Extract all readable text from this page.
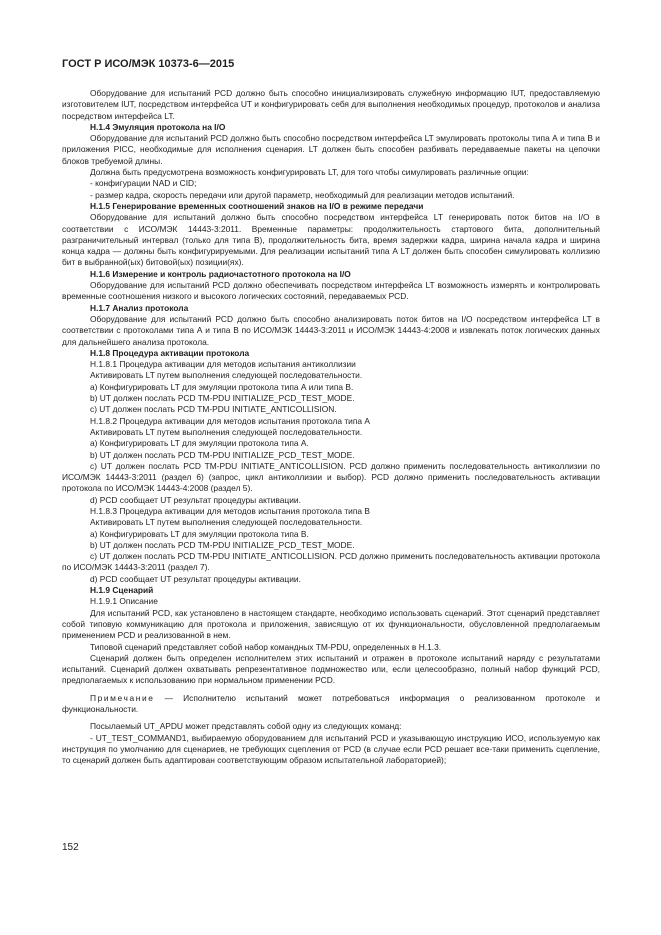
ГОСТ Р ИСО/МЭК 10373-6—2015

Оборудование для испытаний PCD должно быть способно инициализировать служебную информацию IUT, предоставляемую изготовителем IUT, посредством интерфейса UT и конфигурировать себя для выполнения необходимых процедур, протоколов и анализа посредством интерфейса LT.

Н.1.4 Эмуляция протокола на I/O

Оборудование для испытаний PCD должно быть способно посредством интерфейса LT эмулировать протоколы типа А и типа В и приложения PICC, необходимые для исполнения сценария. LT должен быть способен разбивать передаваемые пакеты на цепочки блоков требуемой длины.

Должна быть предусмотрена возможность конфигурировать LT, для того чтобы симулировать различные опции:

- конфигурации NAD и CID;

- размер кадра, скорость передачи или другой параметр, необходимый для реализации методов испытаний.

Н.1.5 Генерирование временных соотношений знаков на I/O в режиме передачи

Оборудование для испытаний должно быть способно посредством интерфейса LT генерировать поток битов на I/O в соответствии с ИСО/МЭК 14443-3:2011. Временные параметры: продолжительность стартового бита, дополнительный разграничительный интервал (только для типа В), продолжительность бита, время задержки кадра, ширина начала кадра и ширина конца кадра — должны быть конфигурируемыми. Для реализации испытаний типа А LT должен быть способен симулировать коллизию бит в выбранной(ых) битовой(ых) позиции(ях).

Н.1.6 Измерение и контроль радиочастотного протокола на I/O

Оборудование для испытаний PCD должно обеспечивать посредством интерфейса LT возможность измерять и контролировать временные соотношения низкого и высокого логических состояний, передаваемых PCD.

Н.1.7 Анализ протокола

Оборудование для испытаний PCD должно быть способно анализировать поток битов на I/O посредством интерфейса LT в соответствии с протоколами типа А и типа В по ИСО/МЭК 14443-3:2011 и ИСО/МЭК 14443-4:2008 и извлекать поток логических данных для дальнейшего анализа протокола.

Н.1.8 Процедура активации протокола

Н.1.8.1 Процедура активации для методов испытания антиколлизии

Активировать LT путем выполнения следующей последовательности.

a) Конфигурировать LT для эмуляции протокола типа А или типа В.

b) UT должен послать PCD TM-PDU INITIALIZE_PCD_TEST_MODE.

c) UT должен послать PCD TM-PDU INITIATE_ANTICOLLISION.

Н.1.8.2 Процедура активации для методов испытания протокола типа А

Активировать LT путем выполнения следующей последовательности.

a) Конфигурировать LT для эмуляции протокола типа А.

b) UT должен послать PCD TM-PDU INITIALIZE_PCD_TEST_MODE.

c) UT должен послать PCD TM-PDU INITIATE_ANTICOLLISION. PCD должно применить последовательность антиколлизии по ИСО/МЭК 14443-3:2011 (раздел 6) (запрос, цикл антиколлизии и выбор). PCD должно применить последовательность активации протокола по ИСО/МЭК 14443-4:2008 (раздел 5).

d) PCD сообщает UT результат процедуры активации.

Н.1.8.3 Процедура активации для методов испытания протокола типа В

Активировать LT путем выполнения следующей последовательности.

a) Конфигурировать LT для эмуляции протокола типа В.

b) UT должен послать PCD TM-PDU INITIALIZE_PCD_TEST_MODE.

c) UT должен послать PCD TM-PDU INITIATE_ANTICOLLISION. PCD должно применить последовательность активации протокола по ИСО/МЭК 14443-3:2011 (раздел 7).

d) PCD сообщает UT результат процедуры активации.

Н.1.9 Сценарий

Н.1.9.1 Описание

Для испытаний PCD, как установлено в настоящем стандарте, необходимо использовать сценарий. Этот сценарий представляет собой типовую коммуникацию для протокола и приложения, зависящую от их функциональности, обусловленной предполагаемым применением PCD и реализованной в нем.

Типовой сценарий представляет собой набор командных TM-PDU, определенных в Н.1.3.

Сценарий должен быть определен исполнителем этих испытаний и отражен в протоколе испытаний наряду с результатами испытаний. Сценарий должен охватывать репрезентативное подмножество или, если целесообразно, полный набор функций PCD, предполагаемых к использованию при нормальном применении PCD.

Примечание — Исполнителю испытаний может потребоваться информация о реализованном протоколе и функциональности.

Посылаемый UT_APDU может представлять собой одну из следующих команд:

- UT_TEST_COMMAND1, выбираемую оборудованием для испытаний PCD и указывающую инструкцию ИСО, используемую как инструкция по умолчанию для сценариев, не требующих сцепления от PCD (в случае если PCD решает все-таки применить сцепление, то сценарий должен быть адаптирован соответствующим образом испытательной лабораторией);

152
